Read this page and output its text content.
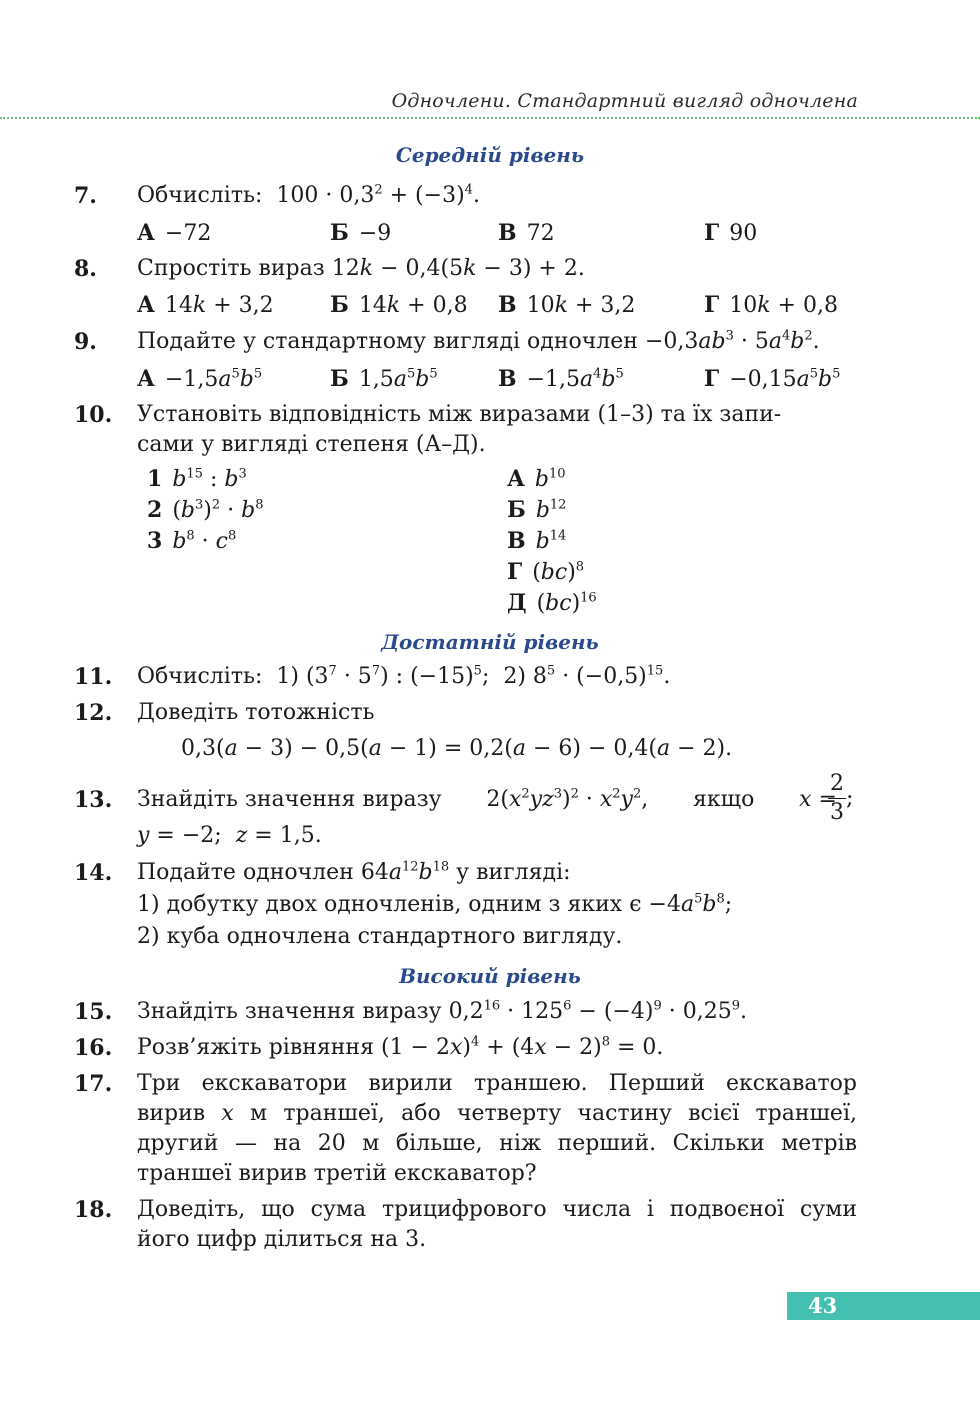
Одночлени. Стандартний вигляд одночлена
Середній рівень
7. Обчисліть: $100 \cdot 0,3^2 + (-3)^4$.
А −72	Б −9	В 72	Г 90
8. Спростіть вираз 12k − 0,4(5k − 3) + 2.
А 14k + 3,2	Б 14k + 0,8 В 10k + 3,2	Г 10k + 0,8
9. Подайте у стандартному вигляді одночлен $-0,3ab^3 \cdot 5a^4b^2$.
$А -1,5a^5b^5$	Б $1,5a^5b^5$	$В -1,5a^4b^5$	$Г -0,15a^5b^5$
10. Установіть відповідність між виразами (1–3) та їх запи-
сами у вигляді степеня (А–Д).
1 $b^{15}$ : $b^3$
2 $(b^3)^2 \cdot b^8$
3 $b^8 \cdot c^8$
А $b^{10}$
Б $b^{12}$
В $b^{14}$
Г (bc)$^8$
Д (bc)$^{16}$
Достатній рівень
11. Обчисліть: 1) $(3^7 \cdot 5^7)$ : $(-15)^5$;  2) $8^5 \cdot (-0,5)^{15}$.
12. Доведіть тотожність
0,3(a − 3) − 0,5(a − 1) = 0,2(a − 6) − 0,4(a − 2).
13. Знайдіть значення виразу $2(x^2yz^3)^2 \cdot x^2y^2$, якщо x =
$\frac{2}{3}$ ;
y = −2;  z = 1,5.
14. Подайте одночлен $64a^{12}b^{18}$ у вигляді:
1) добутку двох одночленів, одним з яких $є -4a^5b^8$;
2) куба одночлена стандартного вигляду.
Високий рівень
15. Знайдіть значення виразу $0,2^{16} \cdot 125^6 - (-4)^9 \cdot 0,25^9$.
16. Розв’яжіть рівняння $(1 - 2x)^4 + (4x - 2)^8 = 0$.
17. Три екскаватори вирили траншею. Перший екскаватор
вирив x м траншеї, або четверту частину всієї траншеї,
другий — на 20 м більше, ніж перший. Скільки метрів
траншеї вирив третій екскаватор?
18. Доведіть, що сума трицифрового числа і подвоєної суми
його цифр ділиться на 3.
43
